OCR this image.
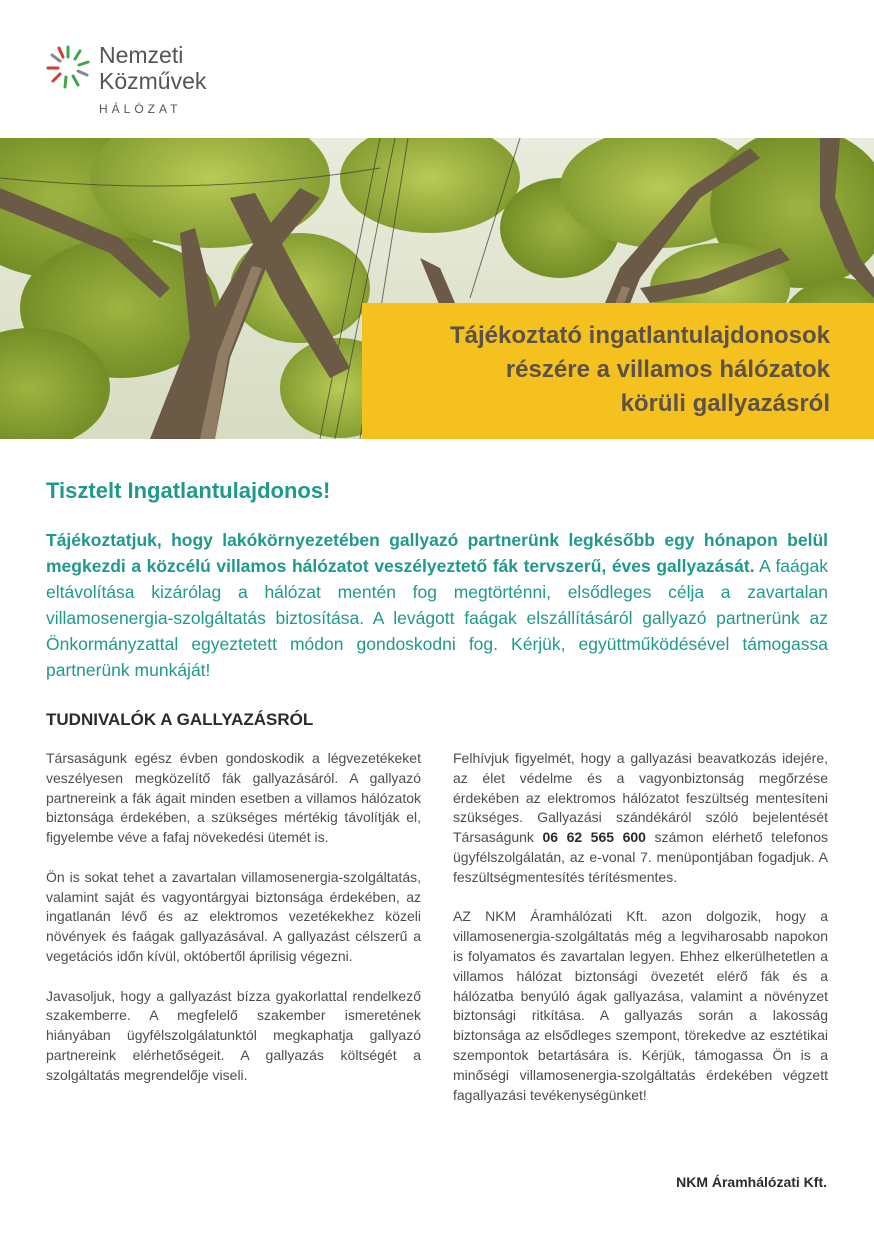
Nemzeti
Közművek
HÁLÓZAT
Tájékoztató ingatlantulajdonosok
részére a villamos hálózatok
körüli gallyazásról
Tisztelt Ingatlantulajdonos!

Tájékoztatjuk, hogy lakókörnyezetében gallyazó partnerünk legkésőbb egy hónapon belül megkezdi a közcélú villamos hálózatot veszélyeztető fák tervszerű, éves gallyazását. A faágak eltávolítása kizárólag a hálózat mentén fog megtörténni, elsődleges célja a zavartalan villamosenergia-szolgáltatás biztosítása. A levágott faágak elszállításáról gallyazó partnerünk az Önkormányzattal egyeztetett módon gondoskodni fog. Kérjük, együttműködésével támogassa partnerünk munkáját!

TUDNIVALÓK A GALLYAZÁSRÓL

Társaságunk egész évben gondoskodik a légvezetékeket veszélyesen megközelítő fák gallyazásáról. A gallyazó partnereink a fák ágait minden esetben a villamos hálózatok biztonsága érdekében, a szükséges mértékig távolítják el, figyelembe véve a fafaj növekedési ütemét is.

Ön is sokat tehet a zavartalan villamosenergia-szolgáltatás, valamint saját és vagyontárgyai biztonsága érdekében, az ingatlanán lévő és az elektromos vezetékekhez közeli növények és faágak gallyazásával. A gallyazást célszerű a vegetációs időn kívül, októbertől áprilisig végezni.

Javasoljuk, hogy a gallyazást bízza gyakorlattal rendelkező szakemberre. A megfelelő szakember ismeretének hiányában ügyfélszolgálatunktól megkaphatja gallyazó partnereink elérhetőségeit. A gallyazás költségét a szolgáltatás megrendelője viseli.

Felhívjuk figyelmét, hogy a gallyazási beavatkozás idejére, az élet védelme és a vagyonbiztonság megőrzése érdekében az elektromos hálózatot feszültség mentesíteni szükséges. Gallyazási szándékáról szóló bejelentését Társaságunk 06 62 565 600 számon elérhető telefonos ügyfélszolgálatán, az e-vonal 7. menüpontjában fogadjuk. A feszültségmentesítés térítésmentes.

AZ NKM Áramhálózati Kft. azon dolgozik, hogy a villamosenergia-szolgáltatás még a legviharosabb napokon is folyamatos és zavartalan legyen. Ehhez elkerülhetetlen a villamos hálózat biztonsági övezetét elérő fák és a hálózatba benyúló ágak gallyazása, valamint a növényzet biztonsági ritkítása. A gallyazás során a lakosság biztonsága az elsődleges szempont, törekedve az esztétikai szempontok betartására is. Kérjük, támogassa Ön is a minőségi villamosenergia-szolgáltatás érdekében végzett fagallyazási tevékenységünket!

NKM Áramhálózati Kft.
